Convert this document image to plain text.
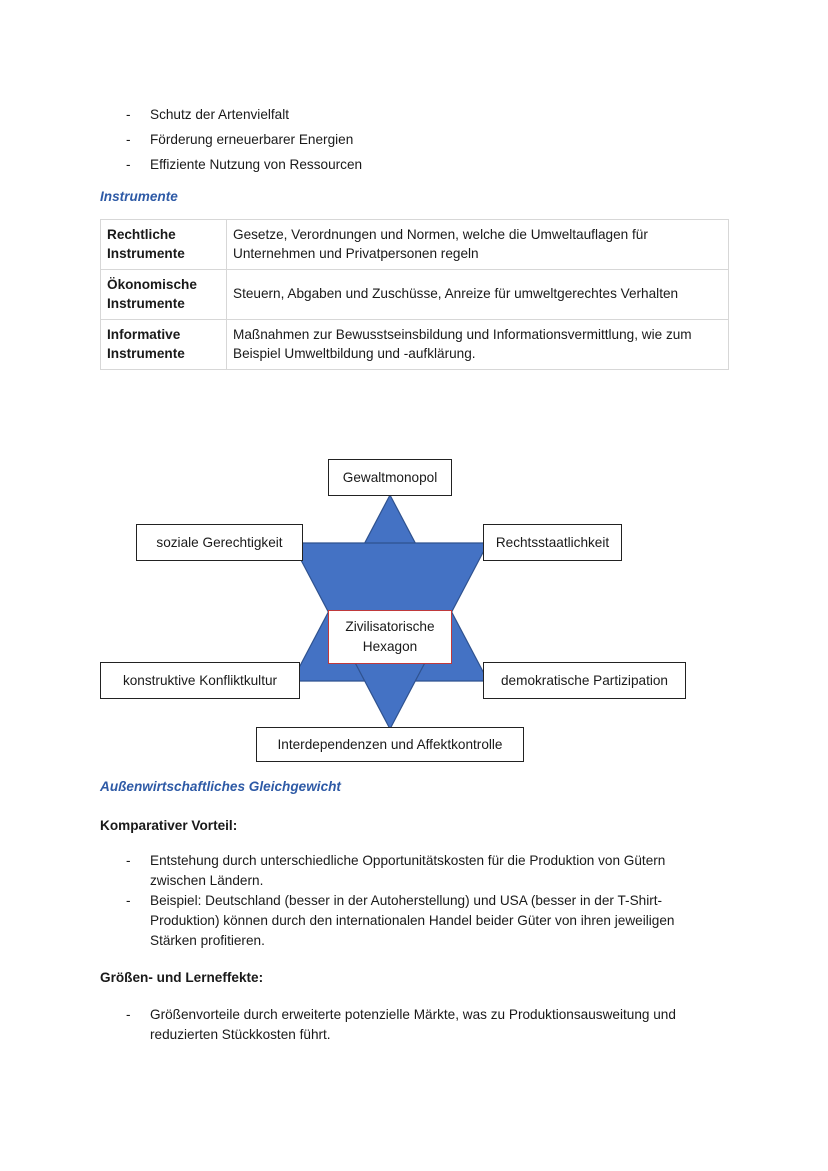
- Schutz der Artenvielfalt
- Förderung erneuerbarer Energien
- Effiziente Nutzung von Ressourcen
Instrumente
Rechtliche
Instrumente	Gesetze, Verordnungen und Normen, welche die Umweltauflagen für Unternehmen und Privatpersonen regeln
Ökonomische
Instrumente	Steuern, Abgaben und Zuschüsse, Anreize für umweltgerechtes Verhalten
Informative
Instrumente	Maßnahmen zur Bewusstseinsbildung und Informationsvermittlung, wie zum Beispiel Umweltbildung und -aufklärung.
Gewaltmonopol
soziale Gerechtigkeit	Rechtsstaatlichkeit
Zivilisatorische
Hexagon
konstruktive Konfliktkultur	demokratische Partizipation
Interdependenzen und Affektkontrolle
Außenwirtschaftliches Gleichgewicht
Komparativer Vorteil:
- Entstehung durch unterschiedliche Opportunitätskosten für die Produktion von Gütern
zwischen Ländern.
- Beispiel: Deutschland (besser in der Autoherstellung) und USA (besser in der T-Shirt-
Produktion) können durch den internationalen Handel beider Güter von ihren jeweiligen
Stärken profitieren.
Größen- und Lerneffekte:
- Größenvorteile durch erweiterte potenzielle Märkte, was zu Produktionsausweitung und
reduzierten Stückkosten führt.
